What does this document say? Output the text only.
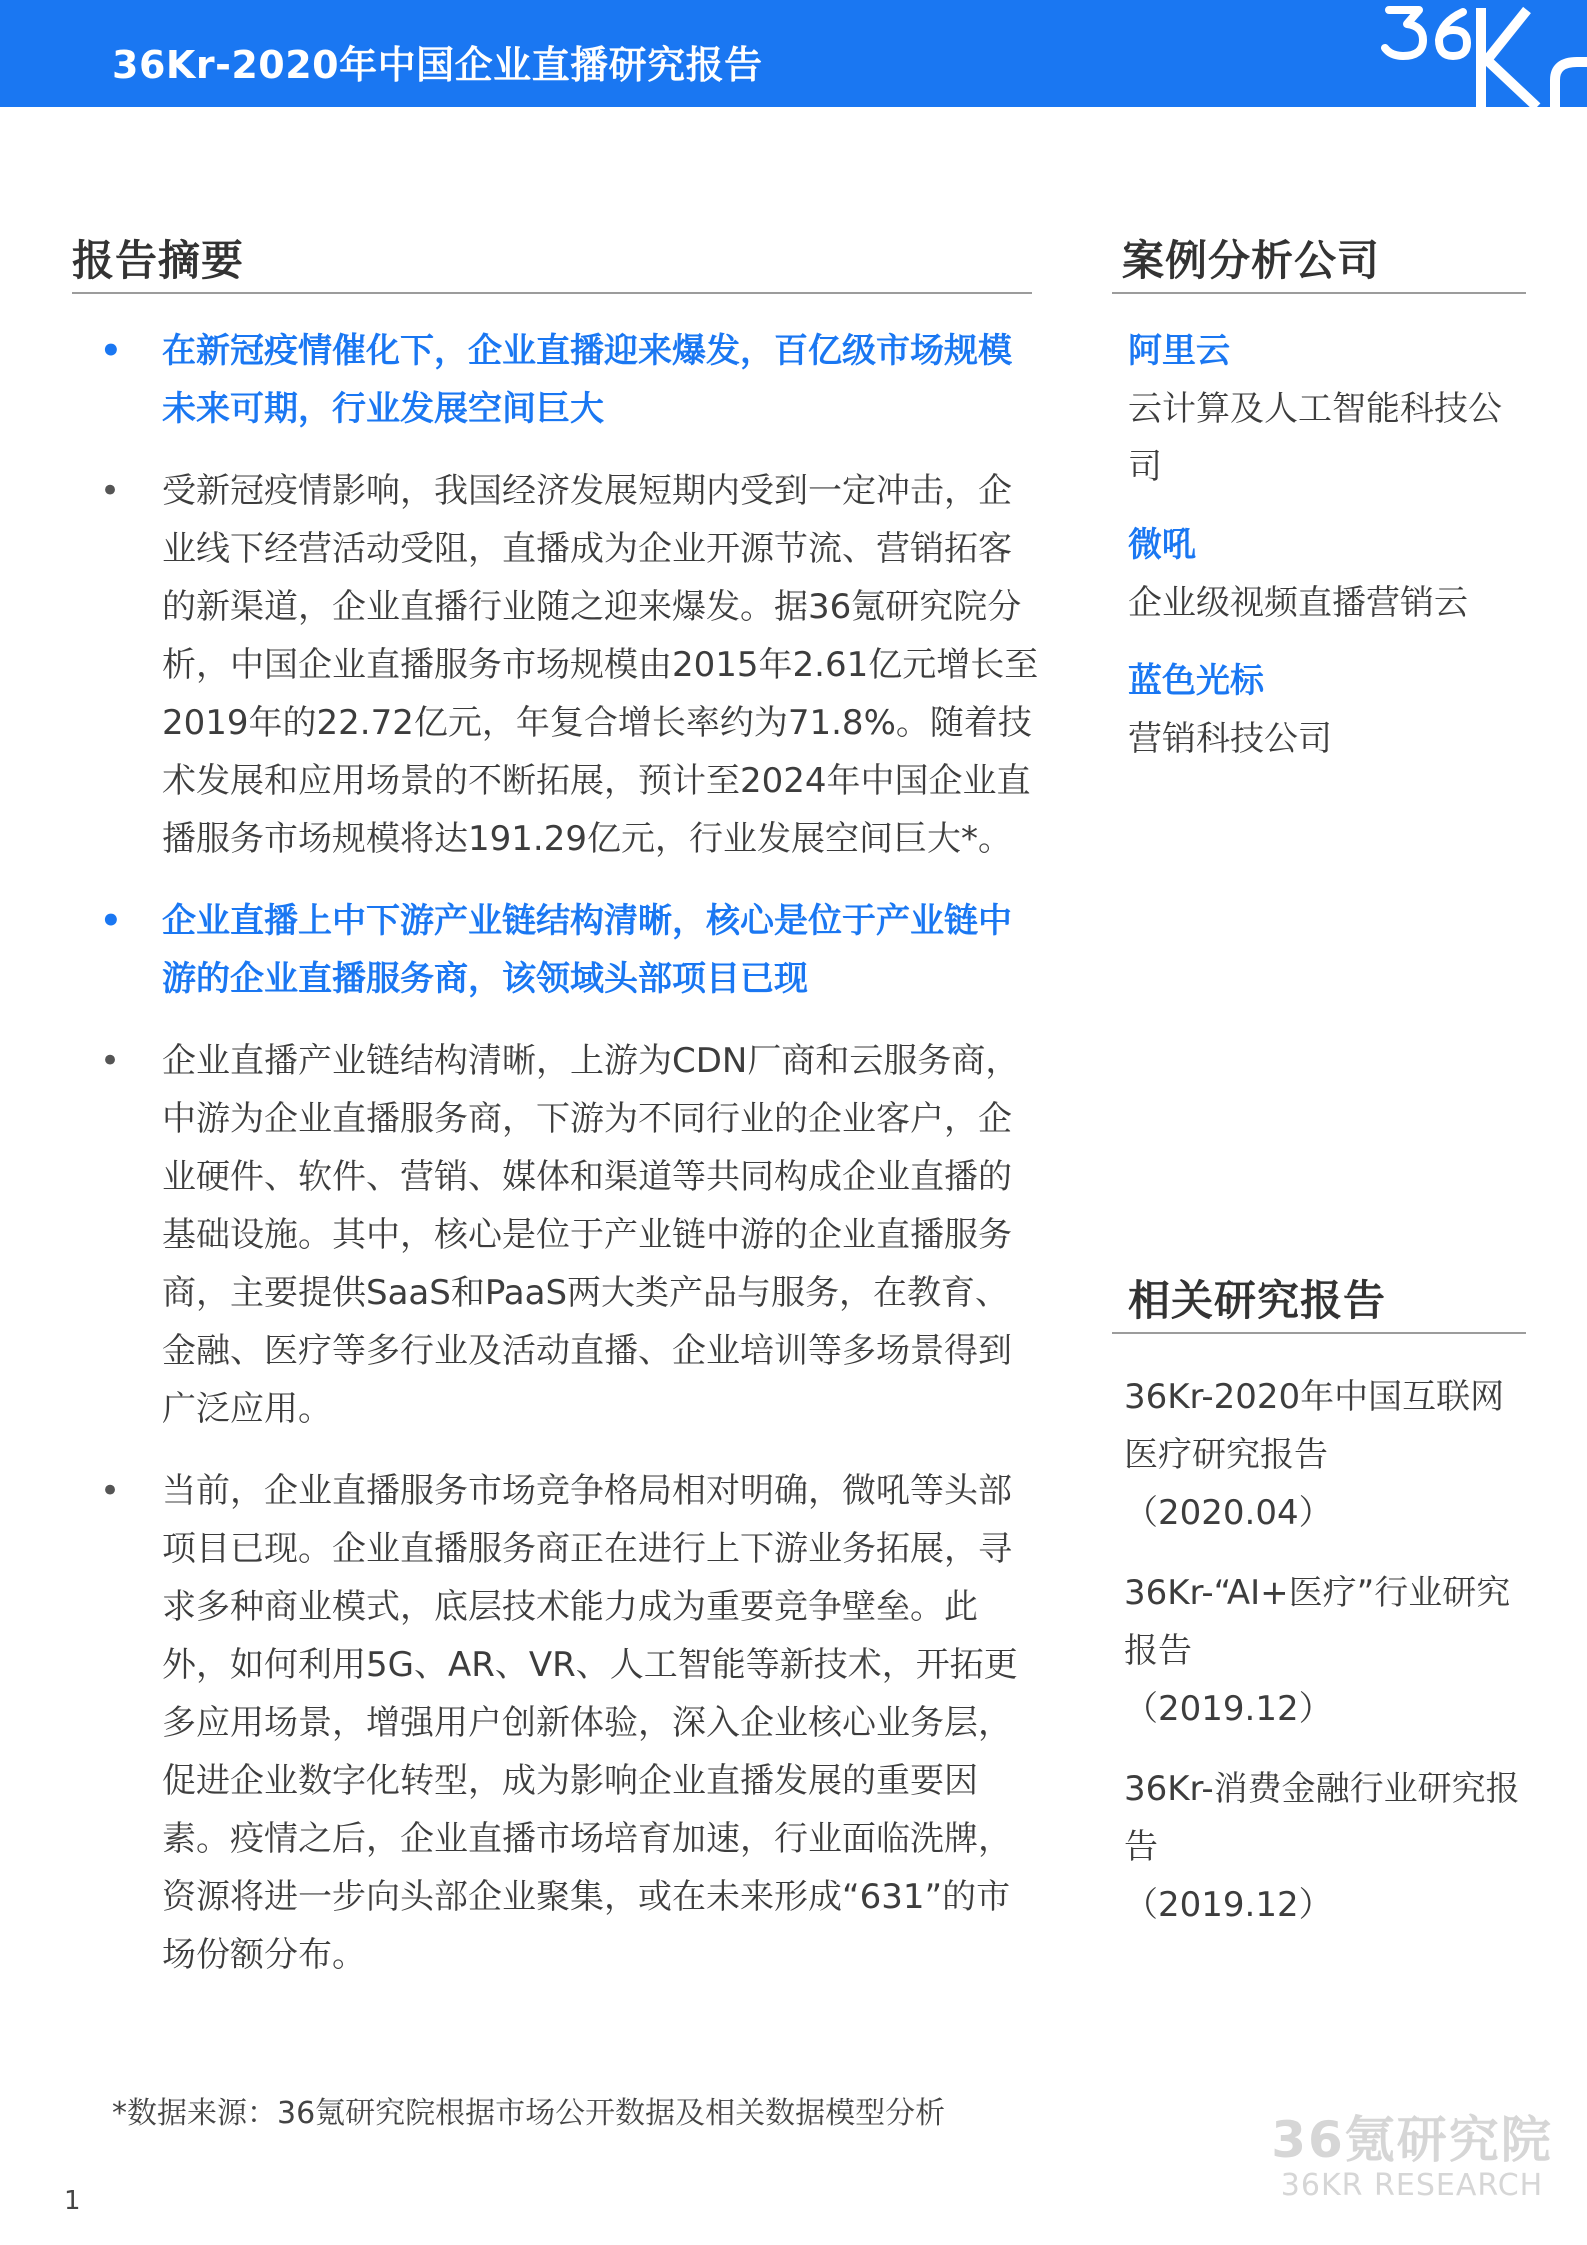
36Kr-2020年中国企业直播研究报告
报告摘要
• 在新冠疫情催化下，企业直播迎来爆发，百亿级市场规模未来可期，行业发展空间巨大
• 受新冠疫情影响，我国经济发展短期内受到一定冲击，企业线下经营活动受阻，直播成为企业开源节流、营销拓客的新渠道，企业直播行业随之迎来爆发。据36氪研究院分析，中国企业直播服务市场规模由2015年2.61亿元增长至2019年的22.72亿元，年复合增长率约为71.8%。随着技术发展和应用场景的不断拓展，预计至2024年中国企业直播服务市场规模将达191.29亿元，行业发展空间巨大*。
• 企业直播上中下游产业链结构清晰，核心是位于产业链中游的企业直播服务商，该领域头部项目已现
• 企业直播产业链结构清晰，上游为CDN厂商和云服务商，中游为企业直播服务商，下游为不同行业的企业客户，企业硬件、软件、营销、媒体和渠道等共同构成企业直播的基础设施。其中，核心是位于产业链中游的企业直播服务商，主要提供SaaS和PaaS两大类产品与服务，在教育、金融、医疗等多行业及活动直播、企业培训等多场景得到广泛应用。
• 当前，企业直播服务市场竞争格局相对明确，微吼等头部项目已现。企业直播服务商正在进行上下游业务拓展，寻求多种商业模式，底层技术能力成为重要竞争壁垒。此外，如何利用5G、AR、VR、人工智能等新技术，开拓更多应用场景，增强用户创新体验，深入企业核心业务层，促进企业数字化转型，成为影响企业直播发展的重要因素。疫情之后，企业直播市场培育加速，行业面临洗牌，资源将进一步向头部企业聚集，或在未来形成“631”的市场份额分布。
*数据来源：36氪研究院根据市场公开数据及相关数据模型分析
案例分析公司
阿里云
云计算及人工智能科技公司
微吼
企业级视频直播营销云
蓝色光标
营销科技公司
相关研究报告
36Kr-2020年中国互联网医疗研究报告
（2020.04）
36Kr-“AI+医疗”行业研究报告
（2019.12）
36Kr-消费金融行业研究报告
（2019.12）
36氪研究院
36KR RESEARCH
1
